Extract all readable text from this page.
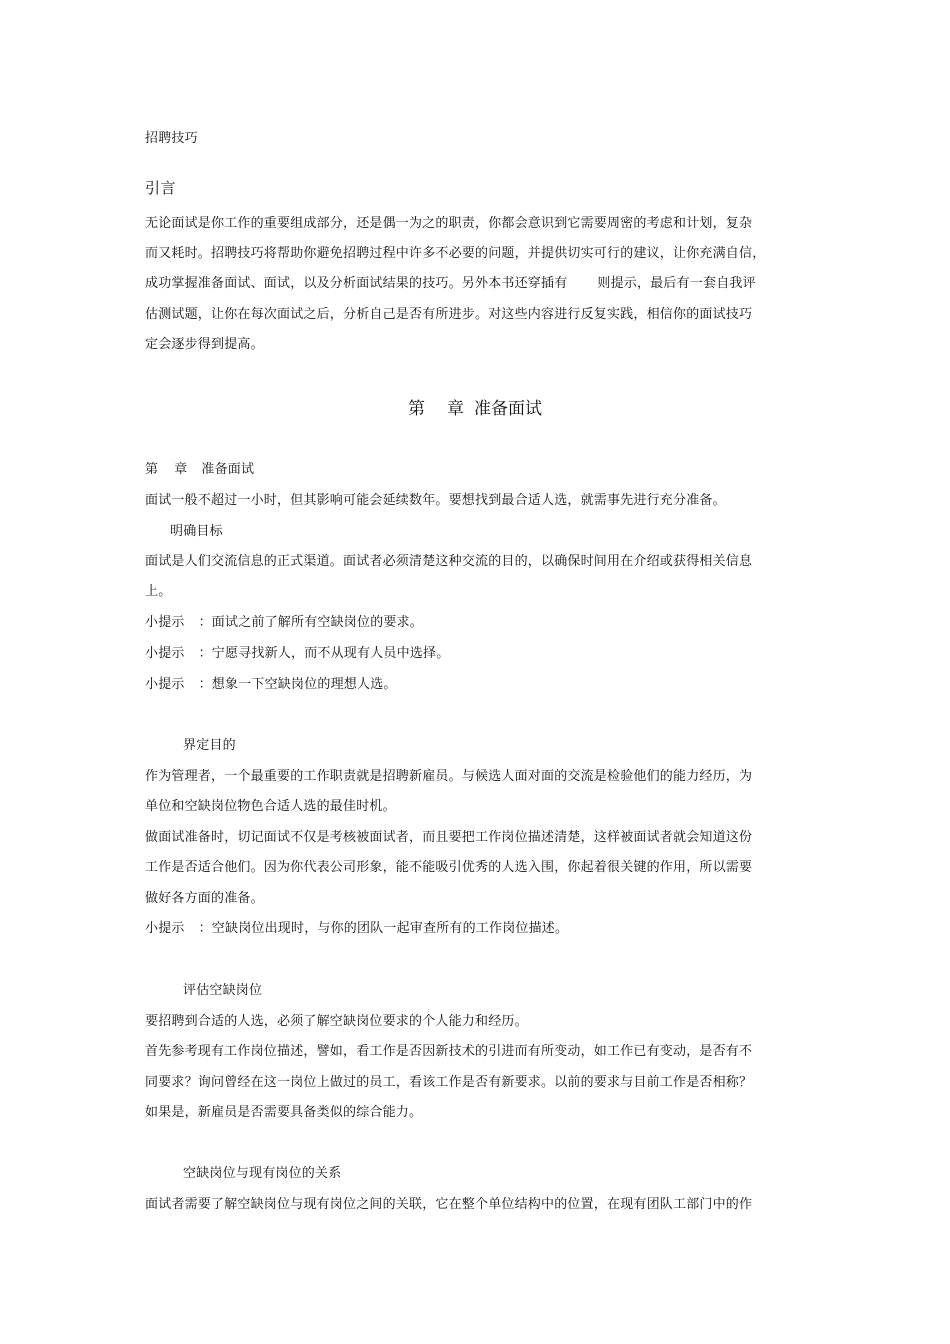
招聘技巧
引言
无论面试是你工作的重要组成部分，还是偶一为之的职责，你都会意识到它需要周密的考虑和计划，复杂
而又耗时。招聘技巧将帮助你避免招聘过程中许多不必要的问题，并提供切实可行的建议，让你充满自信，
成功掌握准备面试、面试，以及分析面试结果的技巧。另外本书还穿插有 则提示，最后有一套自我评
估测试题，让你在每次面试之后，分析自己是否有所进步。对这些内容进行反复实践，相信你的面试技巧
定会逐步得到提高。
第 章 准备面试
第 章 准备面试
面试一般不超过一小时，但其影响可能会延续数年。要想找到最合适人选，就需事先进行充分准备。
明确目标
面试是人们交流信息的正式渠道。面试者必须清楚这种交流的目的，以确保时间用在介绍或获得相关信息
上。
小提示 ：面试之前了解所有空缺岗位的要求。
小提示 ：宁愿寻找新人，而不从现有人员中选择。
小提示 ：想象一下空缺岗位的理想人选。
界定目的
作为管理者，一个最重要的工作职责就是招聘新雇员。与候选人面对面的交流是检验他们的能力经历，为
单位和空缺岗位物色合适人选的最佳时机。
做面试准备时，切记面试不仅是考核被面试者，而且要把工作岗位描述清楚，这样被面试者就会知道这份
工作是否适合他们。因为你代表公司形象，能不能吸引优秀的人选入围，你起着很关键的作用，所以需要
做好各方面的准备。
小提示 ：空缺岗位出现时，与你的团队一起审查所有的工作岗位描述。
评估空缺岗位
要招聘到合适的人选，必须了解空缺岗位要求的个人能力和经历。
首先参考现有工作岗位描述，譬如，看工作是否因新技术的引进而有所变动，如工作已有变动，是否有不
同要求？询问曾经在这一岗位上做过的员工，看该工作是否有新要求。以前的要求与目前工作是否相称？
如果是，新雇员是否需要具备类似的综合能力。
空缺岗位与现有岗位的关系
面试者需要了解空缺岗位与现有岗位之间的关联，它在整个单位结构中的位置，在现有团队工部门中的作
